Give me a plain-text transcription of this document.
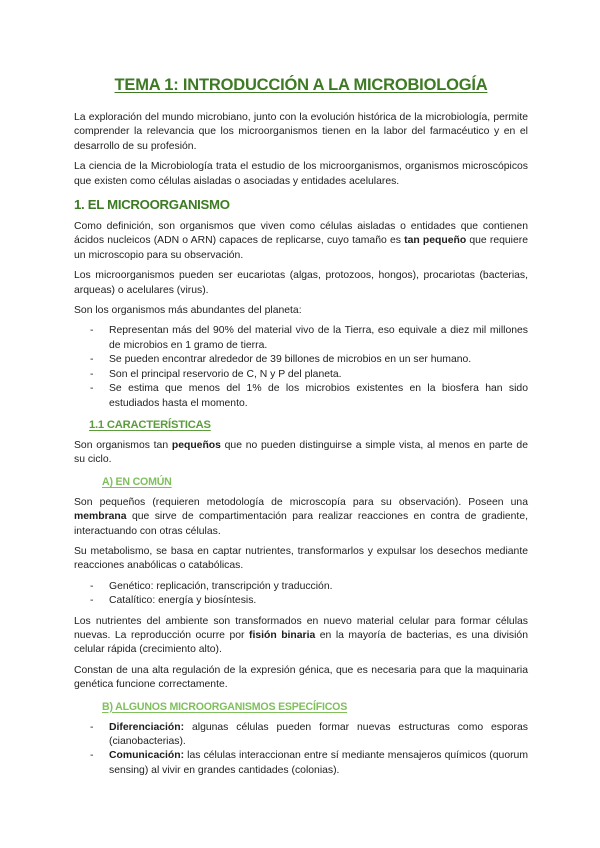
TEMA 1: INTRODUCCIÓN A LA MICROBIOLOGÍA

La exploración del mundo microbiano, junto con la evolución histórica de la microbiología, permite comprender la relevancia que los microorganismos tienen en la labor del farmacéutico y en el desarrollo de su profesión.

La ciencia de la Microbiología trata el estudio de los microorganismos, organismos microscópicos que existen como células aisladas o asociadas y entidades acelulares.

1. EL MICROORGANISMO

Como definición, son organismos que viven como células aisladas o entidades que contienen ácidos nucleicos (ADN o ARN) capaces de replicarse, cuyo tamaño es tan pequeño que requiere un microscopio para su observación.

Los microorganismos pueden ser eucariotas (algas, protozoos, hongos), procariotas (bacterias, arqueas) o acelulares (virus).

Son los organismos más abundantes del planeta:

- Representan más del 90% del material vivo de la Tierra, eso equivale a diez mil millones de microbios en 1 gramo de tierra.
- Se pueden encontrar alrededor de 39 billones de microbios en un ser humano.
- Son el principal reservorio de C, N y P del planeta.
- Se estima que menos del 1% de los microbios existentes en la biosfera han sido estudiados hasta el momento.
1.1 CARACTERÍSTICAS

Son organismos tan pequeños que no pueden distinguirse a simple vista, al menos en parte de su ciclo.

A) EN COMÚN

Son pequeños (requieren metodología de microscopía para su observación). Poseen una membrana que sirve de compartimentación para realizar reacciones en contra de gradiente, interactuando con otras células.

Su metabolismo, se basa en captar nutrientes, transformarlos y expulsar los desechos mediante reacciones anabólicas o catabólicas.

- Genético: replicación, transcripción y traducción.
- Catalítico: energía y biosíntesis.

Los nutrientes del ambiente son transformados en nuevo material celular para formar células nuevas. La reproducción ocurre por fisión binaria en la mayoría de bacterias, es una división celular rápida (crecimiento alto).

Constan de una alta regulación de la expresión génica, que es necesaria para que la maquinaria genética funcione correctamente.

B) ALGUNOS MICROORGANISMOS ESPECÍFICOS
- Diferenciación: algunas células pueden formar nuevas estructuras como esporas (cianobacterias).
- Comunicación: las células interaccionan entre sí mediante mensajeros químicos (quorum sensing) al vivir en grandes cantidades (colonias).
